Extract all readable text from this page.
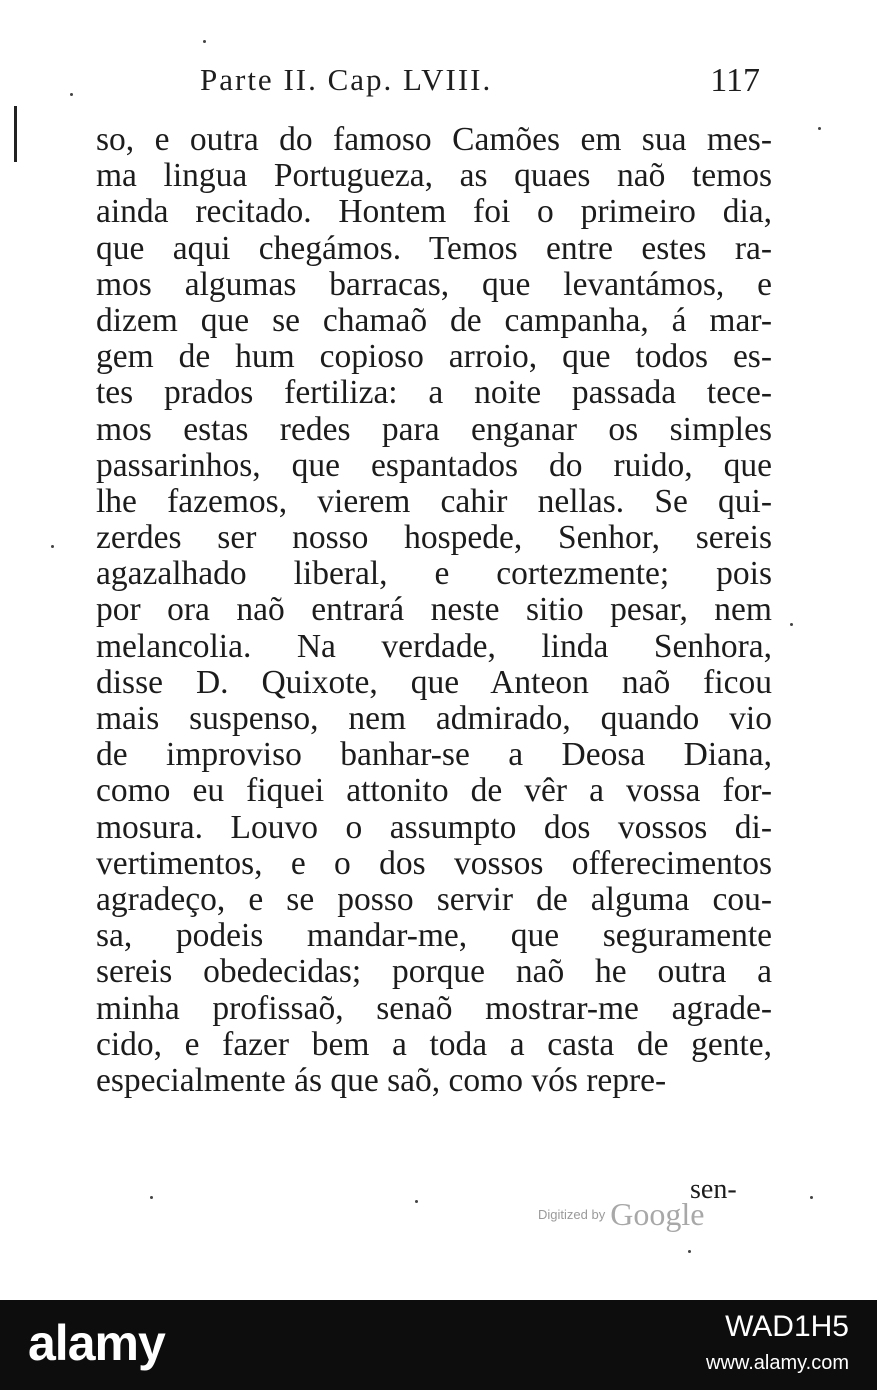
Parte II. Cap. LVIII.	117
so, e outra do famoso Camões em sua mes-
ma lingua Portugueza, as quaes naõ temos
ainda recitado. Hontem foi o primeiro dia,
que aqui chegámos. Temos entre estes ra-
mos algumas barracas, que levantámos, e
dizem que se chamaõ de campanha, á mar-
gem de hum copioso arroio, que todos es-
tes prados fertiliza: a noite passada tece-
mos estas redes para enganar os simples
passarinhos, que espantados do ruido, que
lhe fazemos, vierem cahir nellas. Se qui-
zerdes ser nosso hospede, Senhor, sereis
agazalhado liberal, e cortezmente; pois
por ora naõ entrará neste sitio pesar, nem
melancolia. Na verdade, linda Senhora,
disse D. Quixote, que Anteon naõ ficou
mais suspenso, nem admirado, quando vio
de improviso banhar-se a Deosa Diana,
como eu fiquei attonito de vêr a vossa for-
mosura. Louvo o assumpto dos vossos di-
vertimentos, e o dos vossos offerecimentos
agradeço, e se posso servir de alguma cou-
sa, podeis mandar-me, que seguramente
sereis obedecidas; porque naõ he outra a
minha profissaõ, senaõ mostrar-me agrade-
cido, e fazer bem a toda a casta de gente,
especialmente ás que saõ, como vós repre-
sen-
Digitized by Google
alamy	WAD1H5
www.alamy.com
